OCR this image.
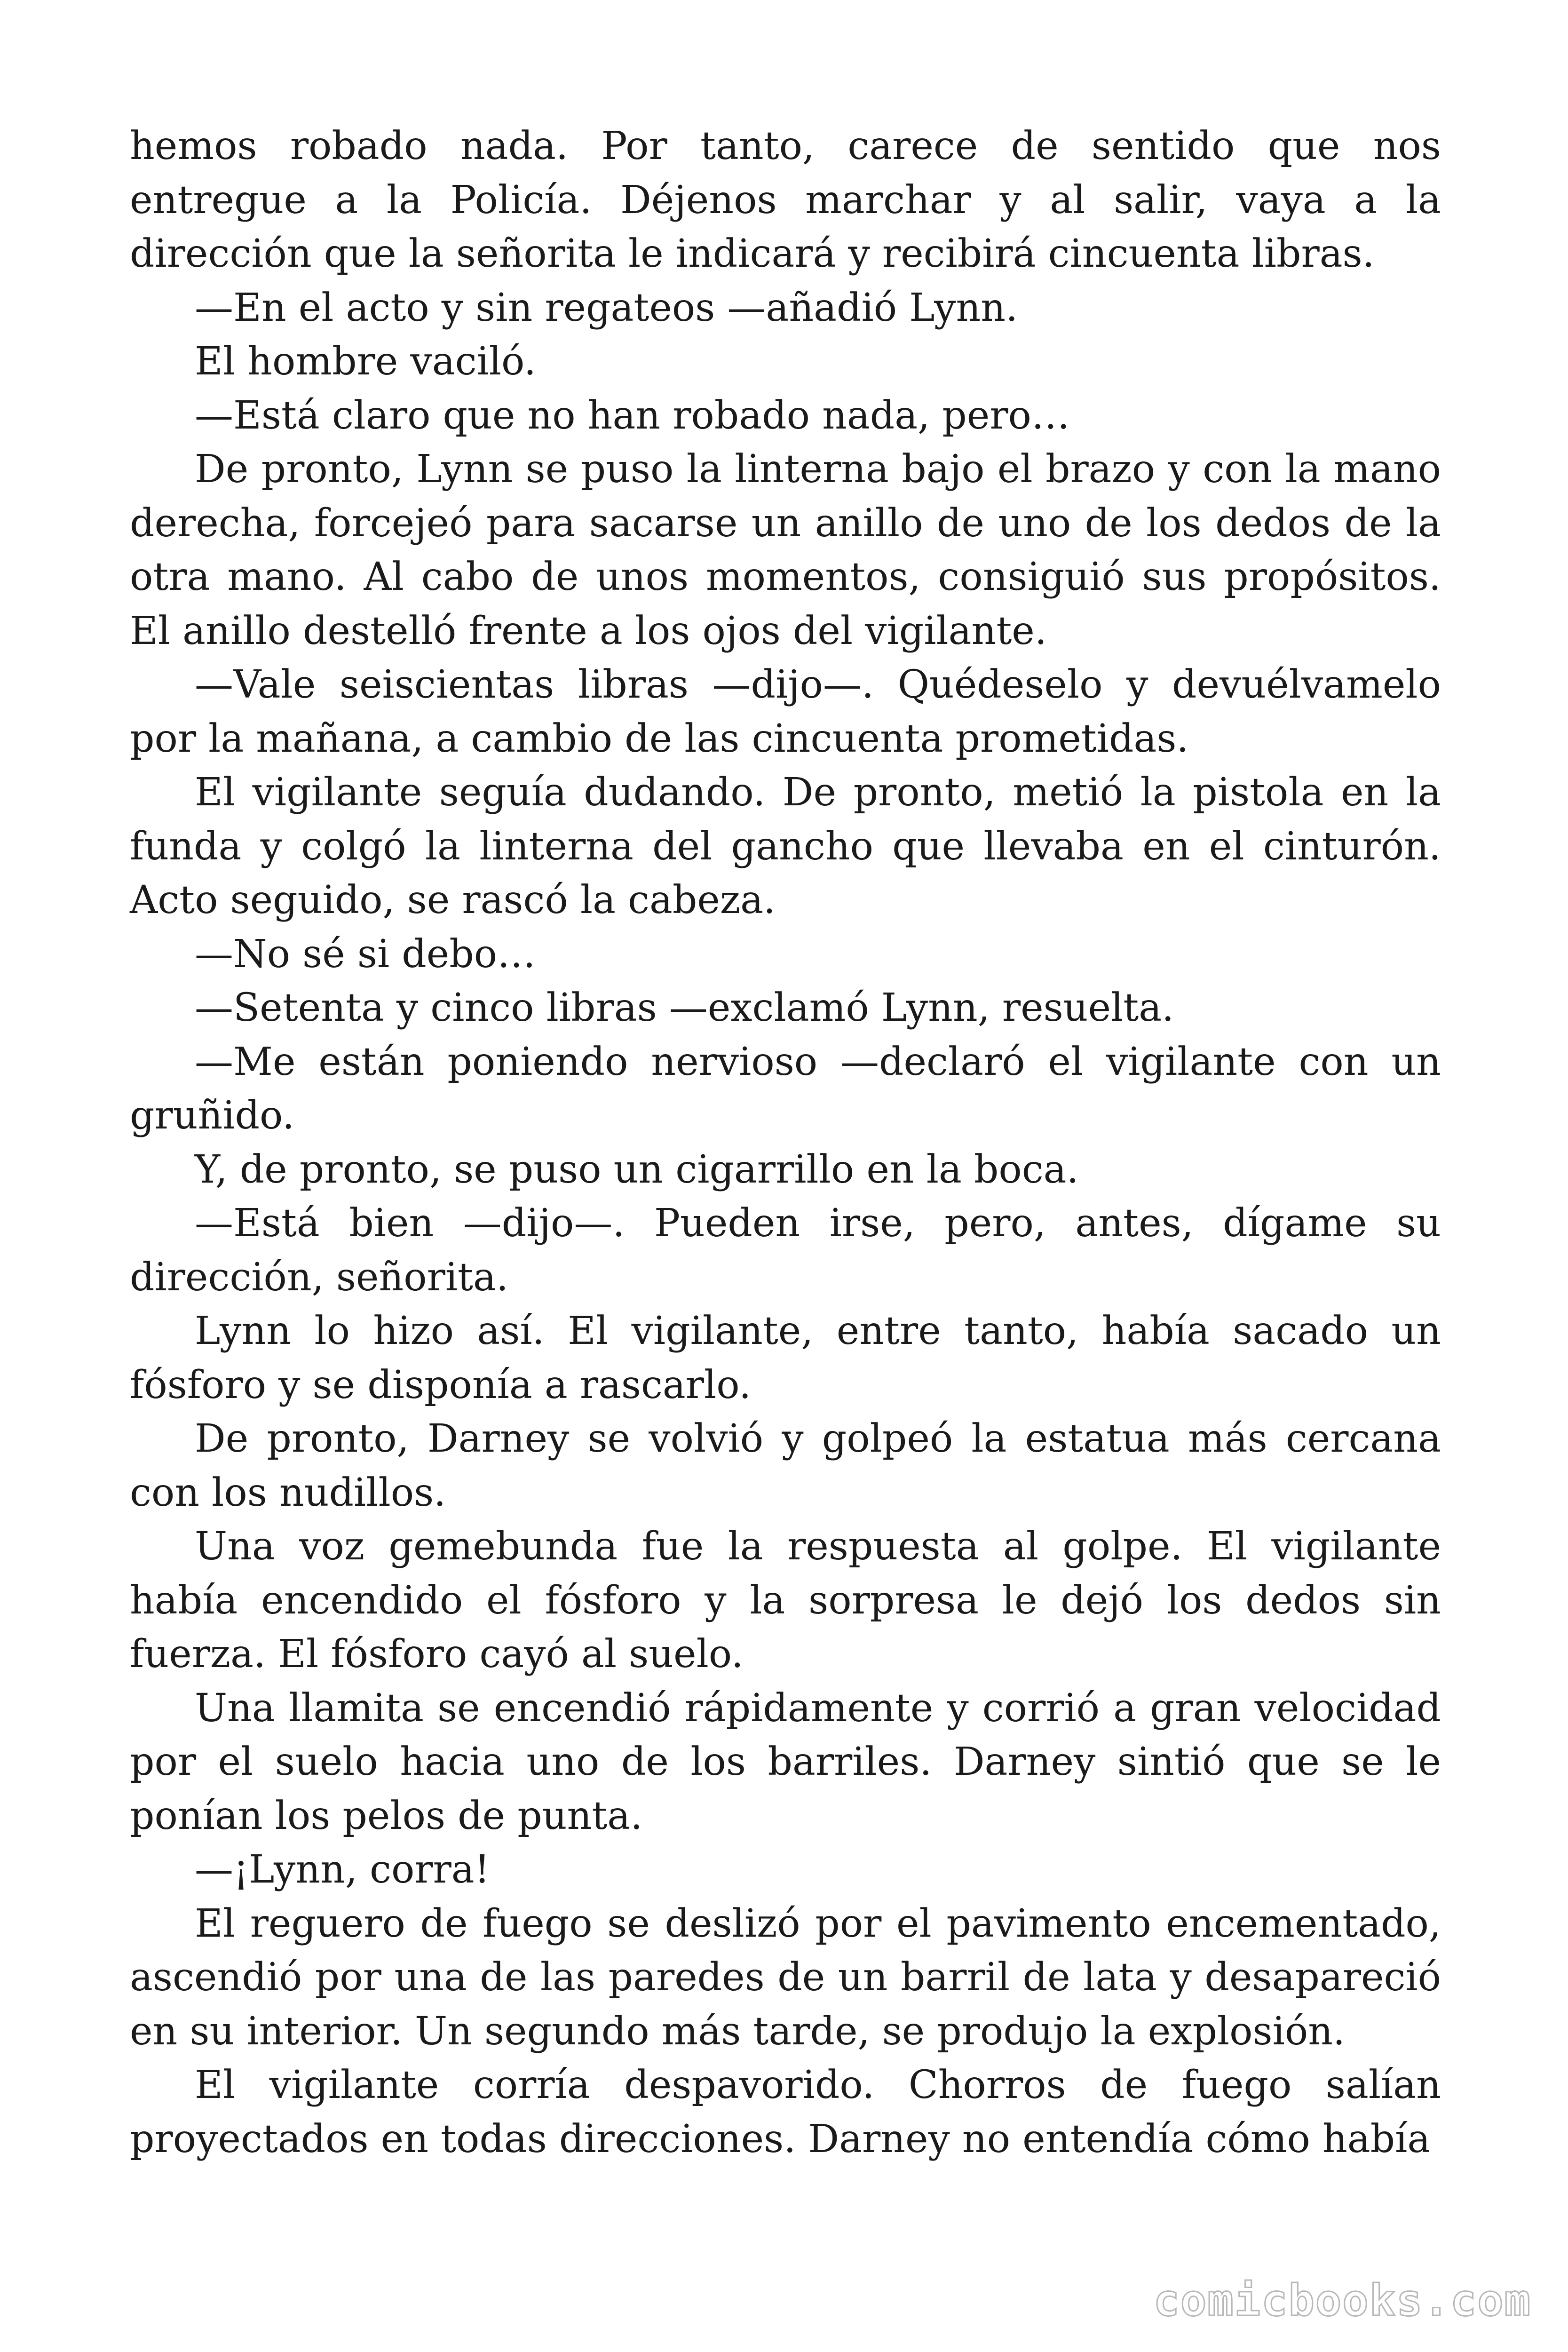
hemos robado nada. Por tanto, carece de sentido que nos entregue a la Policía. Déjenos marchar y al salir, vaya a la dirección que la señorita le indicará y recibirá cincuenta libras.

—En el acto y sin regateos —añadió Lynn.

El hombre vaciló.

—Está claro que no han robado nada, pero…

De pronto, Lynn se puso la linterna bajo el brazo y con la mano derecha, forcejeó para sacarse un anillo de uno de los dedos de la otra mano. Al cabo de unos momentos, consiguió sus propósitos. El anillo destelló frente a los ojos del vigilante.

—Vale seiscientas libras —dijo—. Quédeselo y devuélvamelo por la mañana, a cambio de las cincuenta prometidas.

El vigilante seguía dudando. De pronto, metió la pistola en la funda y colgó la linterna del gancho que llevaba en el cinturón. Acto seguido, se rascó la cabeza.

—No sé si debo…

—Setenta y cinco libras —exclamó Lynn, resuelta.

—Me están poniendo nervioso —declaró el vigilante con un gruñido.

Y, de pronto, se puso un cigarrillo en la boca.

—Está bien —dijo—. Pueden irse, pero, antes, dígame su dirección, señorita.

Lynn lo hizo así. El vigilante, entre tanto, había sacado un fósforo y se disponía a rascarlo.

De pronto, Darney se volvió y golpeó la estatua más cercana con los nudillos.

Una voz gemebunda fue la respuesta al golpe. El vigilante había encendido el fósforo y la sorpresa le dejó los dedos sin fuerza. El fósforo cayó al suelo.

Una llamita se encendió rápidamente y corrió a gran velocidad por el suelo hacia uno de los barriles. Darney sintió que se le ponían los pelos de punta.

—¡Lynn, corra!

El reguero de fuego se deslizó por el pavimento encementado, ascendió por una de las paredes de un barril de lata y desapareció en su interior. Un segundo más tarde, se produjo la explosión.

El vigilante corría despavorido. Chorros de fuego salían proyectados en todas direcciones. Darney no entendía cómo había

comicbooks.com
